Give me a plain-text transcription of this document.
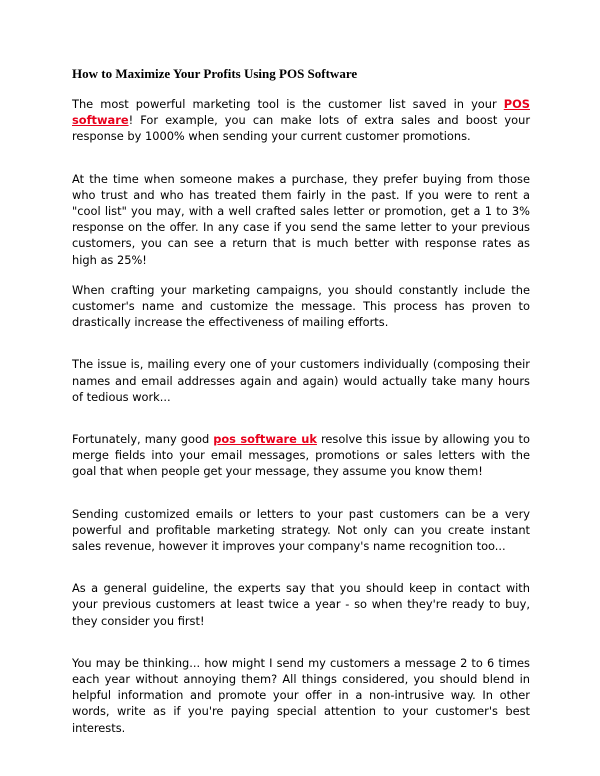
How to Maximize Your Profits Using POS Software

The most powerful marketing tool is the customer list saved in your POS software! For example, you can make lots of extra sales and boost your response by 1000% when sending your current customer promotions.

At the time when someone makes a purchase, they prefer buying from those who trust and who has treated them fairly in the past. If you were to rent a "cool list" you may, with a well crafted sales letter or promotion, get a 1 to 3% response on the offer. In any case if you send the same letter to your previous customers, you can see a return that is much better with response rates as high as 25%!

When crafting your marketing campaigns, you should constantly include the customer's name and customize the message. This process has proven to drastically increase the effectiveness of mailing efforts.

The issue is, mailing every one of your customers individually (composing their names and email addresses again and again) would actually take many hours of tedious work...

Fortunately, many good pos software uk resolve this issue by allowing you to merge fields into your email messages, promotions or sales letters with the goal that when people get your message, they assume you know them!

Sending customized emails or letters to your past customers can be a very powerful and profitable marketing strategy. Not only can you create instant sales revenue, however it improves your company's name recognition too...

As a general guideline, the experts say that you should keep in contact with your previous customers at least twice a year - so when they're ready to buy, they consider you first!

You may be thinking... how might I send my customers a message 2 to 6 times each year without annoying them? All things considered, you should blend in helpful information and promote your offer in a non-intrusive way. In other words, write as if you're paying special attention to your customer's best interests.
